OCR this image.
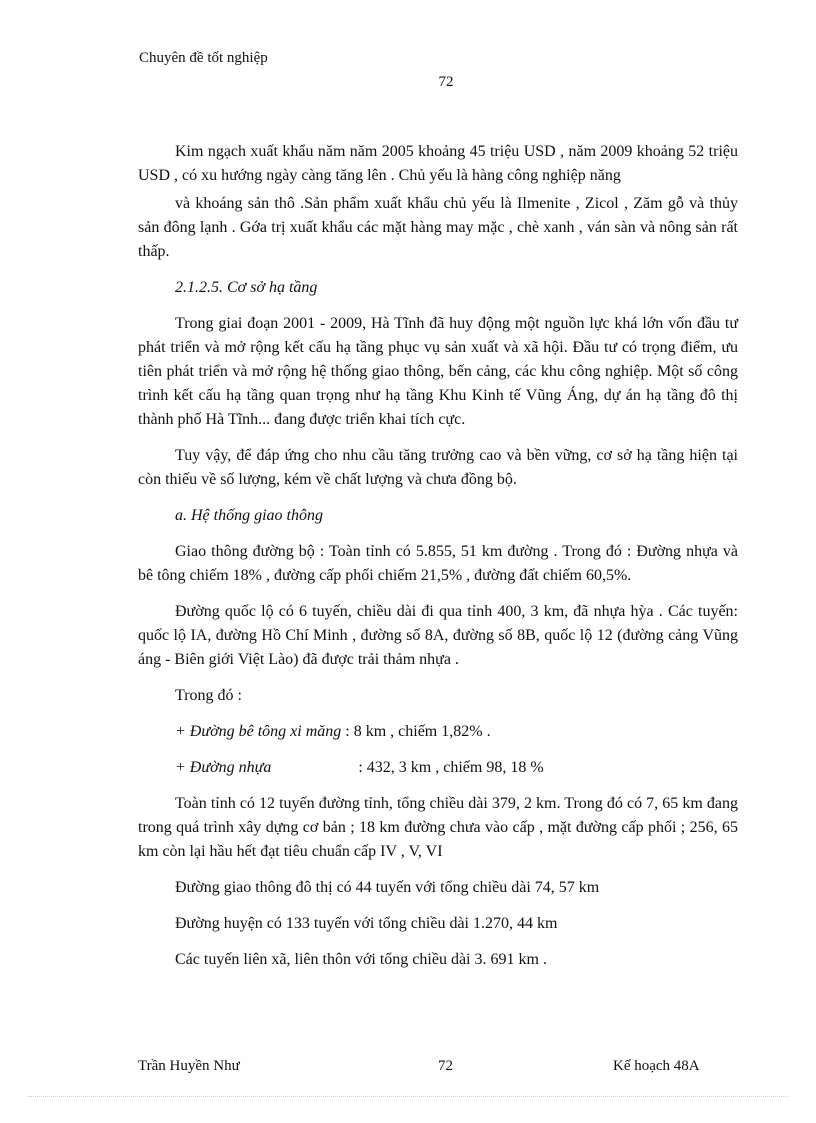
Chuyên đề tốt nghiệp
72

Kim ngạch xuất khẩu năm năm 2005 khoảng 45 triệu USD , năm 2009 khoảng 52 triệu USD , có xu hướng ngày càng tăng lên . Chủ yếu là hàng công nghiệp năng

và khoáng sản thô .Sản phẩm xuất khẩu chủ yếu là Ilmenite , Zicol , Zăm gỗ và thủy sản đông lạnh . Gớa trị xuất khẩu các mặt hàng may mặc , chè xanh , ván sàn và nông sản rất thấp.

2.1.2.5. Cơ sở hạ tầng

Trong giai đoạn 2001 - 2009, Hà Tĩnh đã huy động một nguồn lực khá lớn vốn đầu tư phát triển và mở rộng kết cấu hạ tầng phục vụ sản xuất và xã hội. Đầu tư có trọng điểm, ưu tiên phát triển và mở rộng hệ thống giao thông, bến cảng, các khu công nghiệp. Một số công trình kết cấu hạ tầng quan trọng như hạ tầng Khu Kinh tế Vũng Áng, dự án hạ tầng đô thị thành phố Hà Tĩnh... đang được triển khai tích cực.

Tuy vậy, để đáp ứng cho nhu cầu tăng trưởng cao và bền vững, cơ sở hạ tầng hiện tại còn thiếu về số lượng, kém về chất lượng và chưa đồng bộ.

a. Hệ thống giao thông

Giao thông đường bộ : Toàn tỉnh có 5.855, 51 km đường . Trong đó : Đường nhựa và bê tông chiếm 18% , đường cấp phối chiếm 21,5% , đường đất chiếm 60,5%.

Đường quốc lộ có 6 tuyến, chiều dài đi qua tỉnh 400, 3 km, đã nhựa hỳa . Các tuyến: quốc lộ IA, đường Hồ Chí Minh , đường số 8A, đường số 8B, quốc lộ 12 (đường cảng Vũng áng - Biên giới Việt Lào) đã được trải thảm nhựa .

Trong đó :

+ Đường bê tông xi măng : 8 km , chiếm 1,82% .

+ Đường nhựa	: 432, 3 km , chiếm 98, 18 %

Toàn tỉnh có 12 tuyến đường tỉnh, tổng chiều dài 379, 2 km. Trong đó có 7, 65 km đang trong quá trình xây dựng cơ bản ; 18 km đường chưa vào cấp , mặt đường cấp phối ; 256, 65 km còn lại hầu hết đạt tiêu chuẩn cấp IV , V, VI

Đường giao thông đô thị có 44 tuyến với tổng chiều dài 74, 57 km

Đường huyện có 133 tuyến với tổng chiều dài 1.270, 44 km

Các tuyến liên xã, liên thôn với tổng chiều dài 3. 691 km .

Trần Huyền Như	72	Kế hoạch 48A
